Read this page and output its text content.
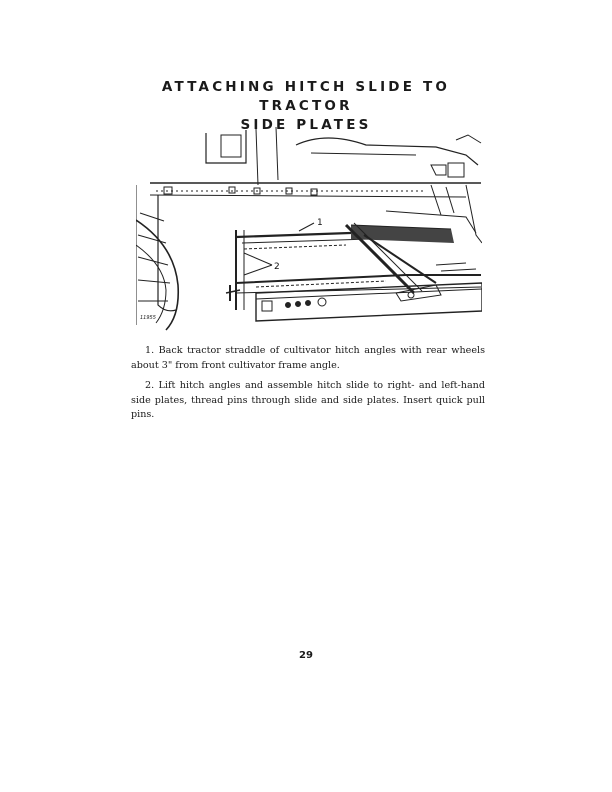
ATTACHING HITCH SLIDE TO TRACTOR
SIDE PLATES
1
2
11955

1. Back tractor straddle of cultivator hitch angles with rear wheels about 3" from front cultivator frame angle.

2. Lift hitch angles and assemble hitch slide to right- and left-hand side plates, thread pins through slide and side plates. Insert quick pull pins.

29
